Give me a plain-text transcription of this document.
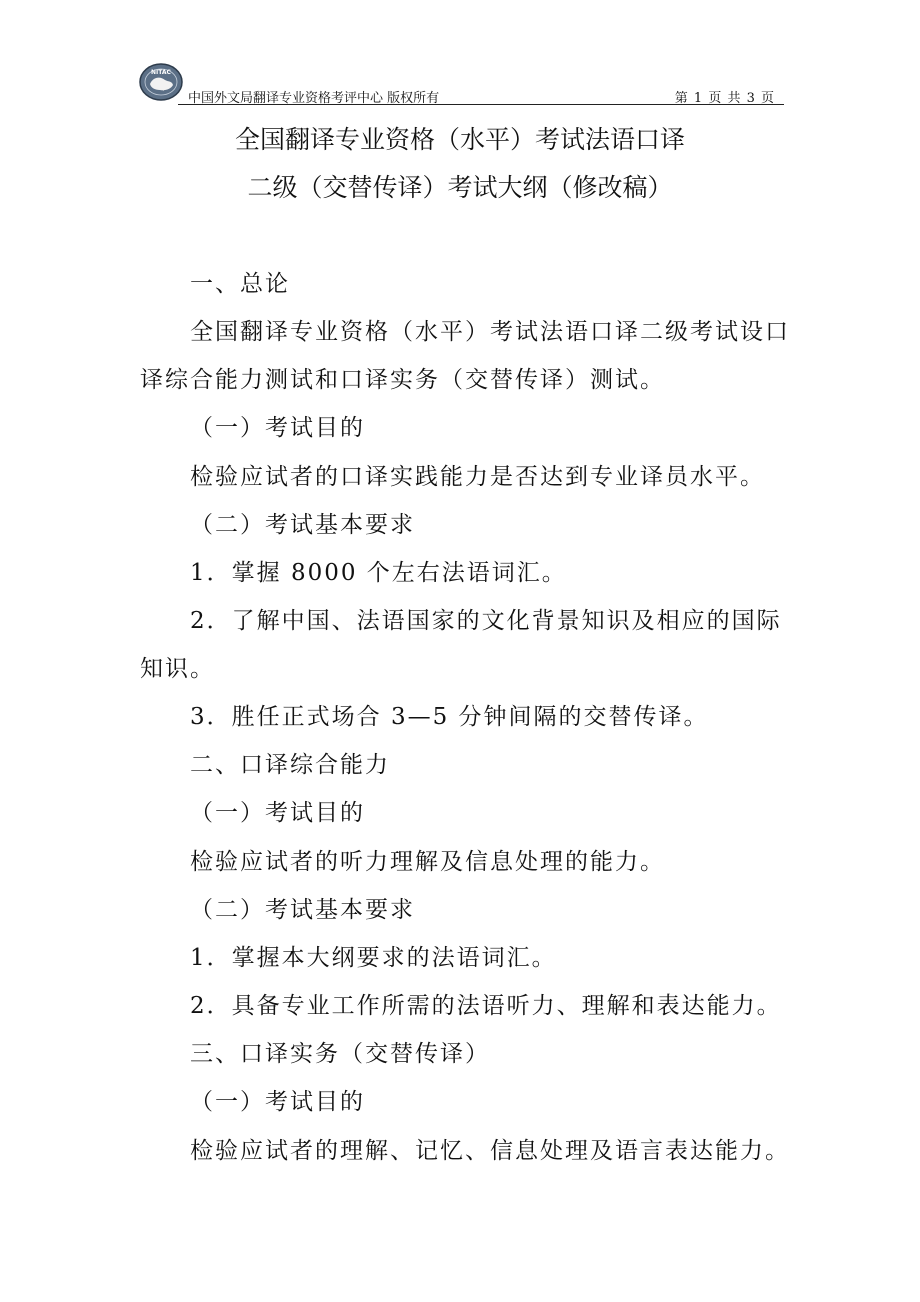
NITAC
中国外文局翻译专业资格考评中心 版权所有	第 1 页 共 3 页
全国翻译专业资格（水平）考试法语口译
二级（交替传译）考试大纲（修改稿）
一、总论
全国翻译专业资格（水平）考试法语口译二级考试设口
译综合能力测试和口译实务（交替传译）测试。
（一）考试目的
检验应试者的口译实践能力是否达到专业译员水平。
（二）考试基本要求
1．掌握 8000 个左右法语词汇。
2．了解中国、法语国家的文化背景知识及相应的国际
知识。
3．胜任正式场合 3—5 分钟间隔的交替传译。
二、口译综合能力
（一）考试目的
检验应试者的听力理解及信息处理的能力。
（二）考试基本要求
1．掌握本大纲要求的法语词汇。
2．具备专业工作所需的法语听力、理解和表达能力。
三、口译实务（交替传译）
（一）考试目的
检验应试者的理解、记忆、信息处理及语言表达能力。
